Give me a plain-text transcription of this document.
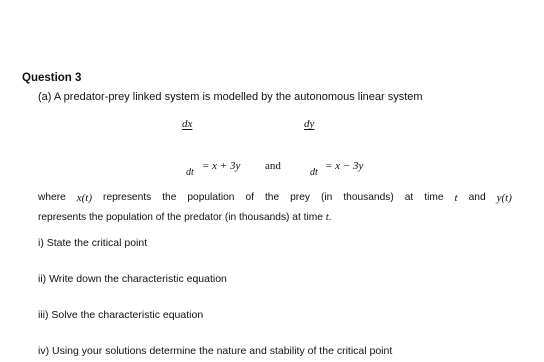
Question 3
(a) A predator-prey linked system is modelled by the autonomous linear system
dx	dy
dt
= x + 3y and
dt
= x − 3y
where x(t) represents the population of the prey (in thousands) at time t and y(t)
represents the population of the predator (in thousands) at time t.
i) State the critical point
ii) Write down the characteristic equation
iii) Solve the characteristic equation
iv) Using your solutions determine the nature and stability of the critical point
